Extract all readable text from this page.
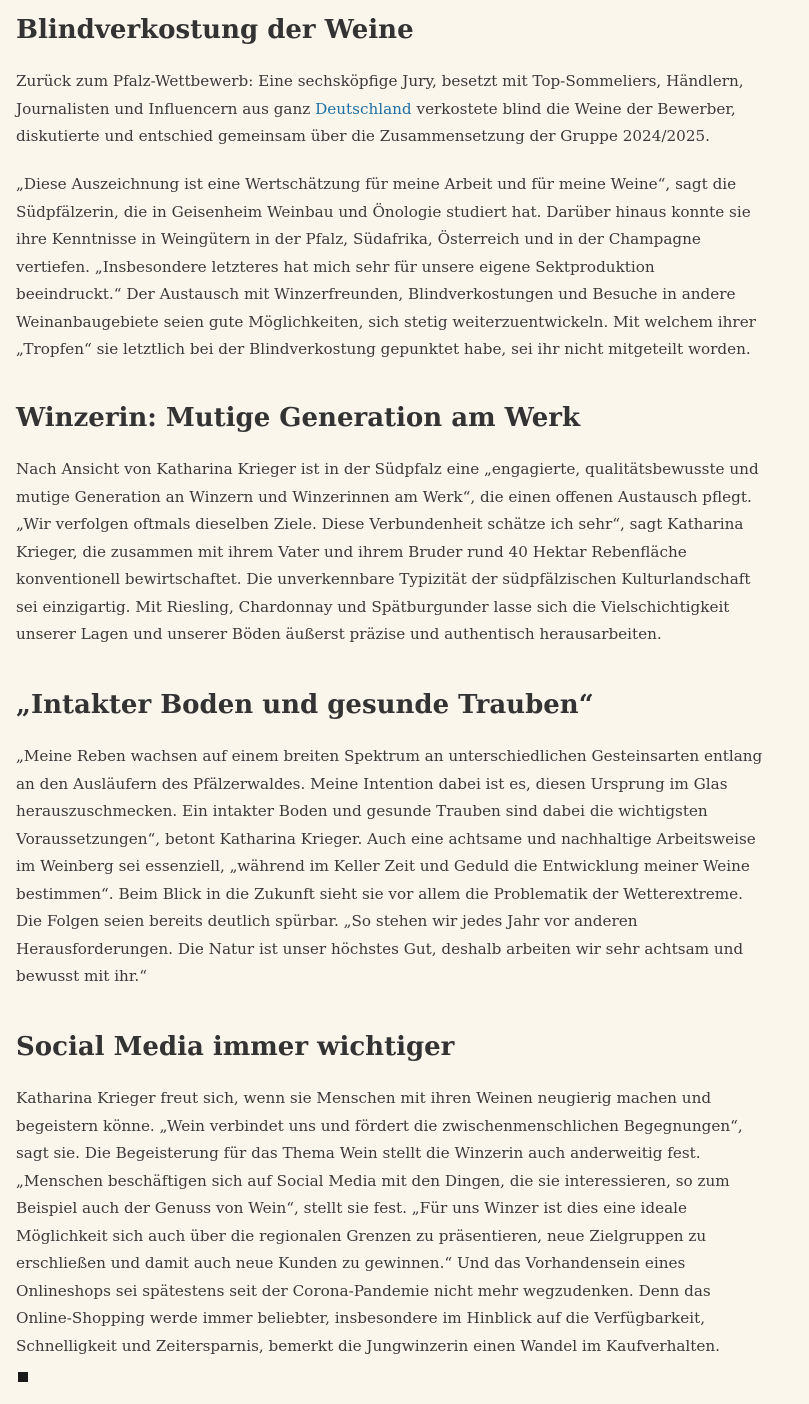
Blindverkostung der Weine

Zurück zum Pfalz-Wettbewerb: Eine sechsköpfige Jury, besetzt mit Top-Sommeliers, Händlern,
Journalisten und Influencern aus ganz Deutschland verkostete blind die Weine der Bewerber,
diskutierte und entschied gemeinsam über die Zusammensetzung der Gruppe 2024/2025.

„Diese Auszeichnung ist eine Wertschätzung für meine Arbeit und für meine Weine“, sagt die
Südpfälzerin, die in Geisenheim Weinbau und Önologie studiert hat. Darüber hinaus konnte sie
ihre Kenntnisse in Weingütern in der Pfalz, Südafrika, Österreich und in der Champagne
vertiefen. „Insbesondere letzteres hat mich sehr für unsere eigene Sektproduktion
beeindruckt.“ Der Austausch mit Winzerfreunden, Blindverkostungen und Besuche in andere
Weinanbaugebiete seien gute Möglichkeiten, sich stetig weiterzuentwickeln. Mit welchem ihrer
„Tropfen“ sie letztlich bei der Blindverkostung gepunktet habe, sei ihr nicht mitgeteilt worden.

Winzerin: Mutige Generation am Werk

Nach Ansicht von Katharina Krieger ist in der Südpfalz eine „engagierte, qualitätsbewusste und
mutige Generation an Winzern und Winzerinnen am Werk“, die einen offenen Austausch pflegt.
„Wir verfolgen oftmals dieselben Ziele. Diese Verbundenheit schätze ich sehr“, sagt Katharina
Krieger, die zusammen mit ihrem Vater und ihrem Bruder rund 40 Hektar Rebenfläche
konventionell bewirtschaftet. Die unverkennbare Typizität der südpfälzischen Kulturlandschaft
sei einzigartig. Mit Riesling, Chardonnay und Spätburgunder lasse sich die Vielschichtigkeit
unserer Lagen und unserer Böden äußerst präzise und authentisch herausarbeiten.

„Intakter Boden und gesunde Trauben“

„Meine Reben wachsen auf einem breiten Spektrum an unterschiedlichen Gesteinsarten entlang
an den Ausläufern des Pfälzerwaldes. Meine Intention dabei ist es, diesen Ursprung im Glas
herauszuschmecken. Ein intakter Boden und gesunde Trauben sind dabei die wichtigsten
Voraussetzungen“, betont Katharina Krieger. Auch eine achtsame und nachhaltige Arbeitsweise
im Weinberg sei essenziell, „während im Keller Zeit und Geduld die Entwicklung meiner Weine
bestimmen“. Beim Blick in die Zukunft sieht sie vor allem die Problematik der Wetterextreme.
Die Folgen seien bereits deutlich spürbar. „So stehen wir jedes Jahr vor anderen
Herausforderungen. Die Natur ist unser höchstes Gut, deshalb arbeiten wir sehr achtsam und
bewusst mit ihr.“

Social Media immer wichtiger

Katharina Krieger freut sich, wenn sie Menschen mit ihren Weinen neugierig machen und
begeistern könne. „Wein verbindet uns und fördert die zwischenmenschlichen Begegnungen“,
sagt sie. Die Begeisterung für das Thema Wein stellt die Winzerin auch anderweitig fest.
„Menschen beschäftigen sich auf Social Media mit den Dingen, die sie interessieren, so zum
Beispiel auch der Genuss von Wein“, stellt sie fest. „Für uns Winzer ist dies eine ideale
Möglichkeit sich auch über die regionalen Grenzen zu präsentieren, neue Zielgruppen zu
erschließen und damit auch neue Kunden zu gewinnen.“ Und das Vorhandensein eines
Onlineshops sei spätestens seit der Corona-Pandemie nicht mehr wegzudenken. Denn das
Online-Shopping werde immer beliebter, insbesondere im Hinblick auf die Verfügbarkeit,
Schnelligkeit und Zeitersparnis, bemerkt die Jungwinzerin einen Wandel im Kaufverhalten.
